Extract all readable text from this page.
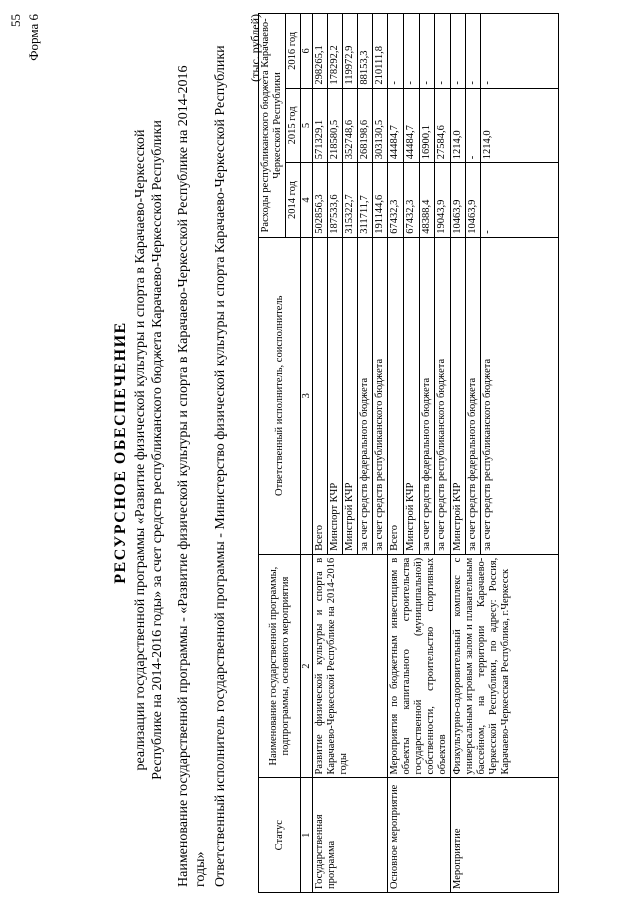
55 Форма 6
РЕСУРСНОЕ ОБЕСПЕЧЕНИЕ реализации государственной программы «Развитие физической культуры и спорта в Карачаево-Черкесской Республике на 2014-2016 годы» за счет средств республиканского бюджета Карачаево-Черкесской Республики Наименование государственной программы - «Развитие физической культуры и спорта в Карачаево-Черкесской Республике на 2014-2016 годы» Ответственный исполнитель государственной программы - Министерство физической культуры и спорта Карачаево-Черкесской Республики (тыс. рублей)
Статус	Наименование государственной программы, подпрограммы, основного мероприятия	Ответственный исполнитель, соисполнитель	Расходы республиканского бюджета Карачаево-Черкесской Республики		
			2014 год	2015 год	2016 год
1	2	3	4	5	6
Государственная программа	Развитие физической культуры и спорта в Карачаево-Черкесской Республике на 2014-2016 годы	Всего	502856,3	571329,1	298265,1
		Минспорт КЧР	187533,6	218580,5	178292,2
		Минстрой КЧР	315322,7	352748,6	119972,9
		за счет средств федерального бюджета	311711,7	268198,6	88153,3
		за счет средств республиканского бюджета	191144,6	303130,5	210111,8
Основное мероприятие	Мероприятия по бюджетным инвестициям в объекты капитального строительства государственной (муниципальной) собственности, строительство спортивных объектов	Всего	67432,3	44484,7	-
		Минстрой КЧР	67432,3	44484,7	-
		за счет средств федерального бюджета	48388,4	16900,1	-
		за счет средств республиканского бюджета	19043,9	27584,6	-
Мероприятие	Физкультурно-оздоровительный комплекс с универсальным игровым залом и плавательным бассейном, на территории Карачаево-Черкесской Республики, по адресу: Россия, Карачаево-Черкесская Республика, г.Черкесск	Минстрой КЧР	10463,9	1214,0	-
		за счет средств федерального бюджета	10463,9	-	-
		за счет средств республиканского бюджета	-	1214,0	-
